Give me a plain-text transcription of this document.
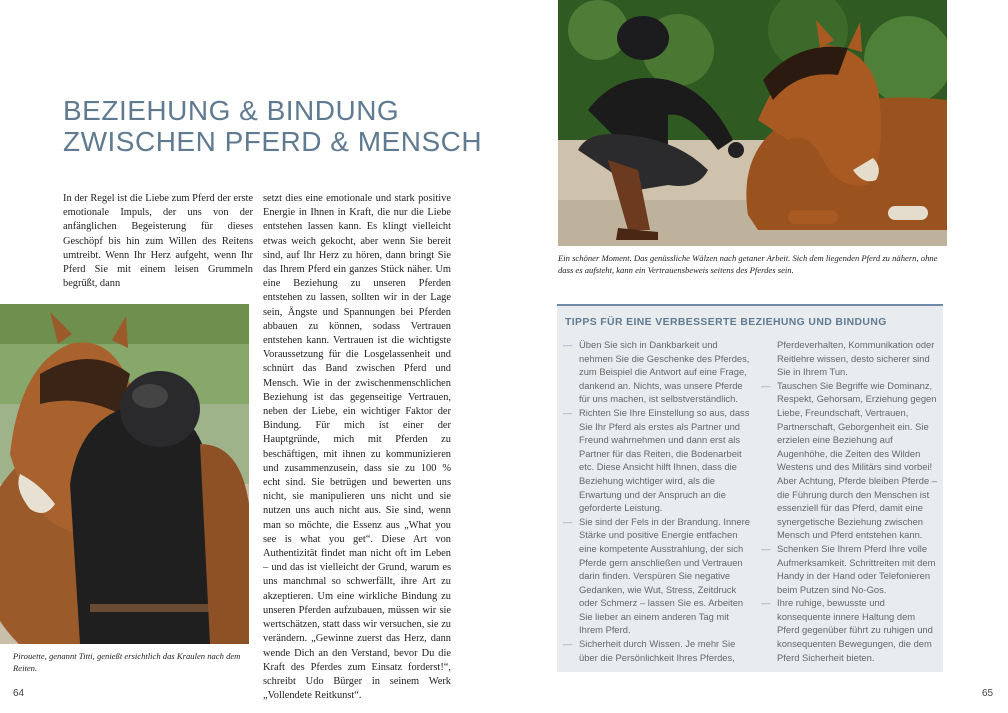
BEZIEHUNG & BINDUNG
ZWISCHEN PFERD & MENSCH
In der Regel ist die Liebe zum Pferd der erste emotionale Impuls, der uns von der anfänglichen Begeisterung für dieses Geschöpf bis hin zum Willen des Reitens umtreibt. Wenn Ihr Herz aufgeht, wenn Ihr Pferd Sie mit einem leisen Grummeln begrüßt, dann
setzt dies eine emotionale und stark positive Energie in Ihnen in Kraft, die nur die Liebe entstehen lassen kann. Es klingt vielleicht etwas weich gekocht, aber wenn Sie bereit sind, auf Ihr Herz zu hören, dann bringt Sie das Ihrem Pferd ein ganzes Stück näher. Um eine Beziehung zu unseren Pferden entstehen zu lassen, sollten wir in der Lage sein, Ängste und Spannungen bei Pferden abbauen zu können, sodass Vertrauen entstehen kann. Vertrauen ist die wichtigste Voraussetzung für die Losgelassenheit und schnürt das Band zwischen Pferd und Mensch. Wie in der zwischenmenschlichen Beziehung ist das gegenseitige Vertrauen, neben der Liebe, ein wichtiger Faktor der Bindung. Für mich ist einer der Hauptgründe, mich mit Pferden zu beschäftigen, mit ihnen zu kommunizieren und zusammenzusein, dass sie zu 100 % echt sind. Sie betrügen und bewerten uns nicht, sie manipulieren uns nicht und sie nutzen uns auch nicht aus. Sie sind, wenn man so möchte, die Essenz aus „What you see is what you get“. Diese Art von Authentizität findet man nicht oft im Leben – und das ist vielleicht der Grund, warum es uns manchmal so schwerfällt, ihre Art zu akzeptieren. Um eine wirkliche Bindung zu unseren Pferden aufzubauen, müssen wir sie wertschätzen, statt dass wir versuchen, sie zu verändern. „Gewinne zuerst das Herz, dann wende Dich an den Verstand, bevor Du die Kraft des Pferdes zum Einsatz forderst!“, schreibt Udo Bürger in seinem Werk „Vollendete Reitkunst“.
Pirouette, genannt Titti, genießt ersichtlich das Kraulen nach dem Reiten.
64
Ein schöner Moment. Das genüssliche Wälzen nach getaner Arbeit. Sich dem liegenden Pferd zu nähern, ohne dass es aufsteht, kann ein Vertrauensbeweis seitens des Pferdes sein.
TIPPS FÜR EINE VERBESSERTE BEZIEHUNG UND BINDUNG
— Üben Sie sich in Dankbarkeit und nehmen Sie die Geschenke des Pferdes, zum Beispiel die Antwort auf eine Frage, dankend an. Nichts, was unsere Pferde für uns machen, ist selbstverständlich.
— Richten Sie Ihre Einstellung so aus, dass Sie Ihr Pferd als erstes als Partner und Freund wahrnehmen und dann erst als Partner für das Reiten, die Bodenarbeit etc. Diese Ansicht hilft Ihnen, dass die Beziehung wichtiger wird, als die Erwartung und der Anspruch an die geforderte Leistung.
— Sie sind der Fels in der Brandung. Innere Stärke und positive Energie entfachen eine kompetente Ausstrahlung, der sich Pferde gern anschließen und Vertrauen darin finden. Verspüren Sie negative Gedanken, wie Wut, Stress, Zeitdruck oder Schmerz – lassen Sie es. Arbeiten Sie lieber an einem anderen Tag mit Ihrem Pferd.
— Sicherheit durch Wissen. Je mehr Sie über die Persönlichkeit Ihres Pferdes,
Pferdeverhalten, Kommunikation oder Reitlehre wissen, desto sicherer sind Sie in Ihrem Tun.
— Tauschen Sie Begriffe wie Dominanz, Respekt, Gehorsam, Erziehung gegen Liebe, Freundschaft, Vertrauen, Partnerschaft, Geborgenheit ein. Sie erzielen eine Beziehung auf Augenhöhe, die Zeiten des Wilden Westens und des Militärs sind vorbei! Aber Achtung, Pferde bleiben Pferde – die Führung durch den Menschen ist essenziell für das Pferd, damit eine synergetische Beziehung zwischen Mensch und Pferd entstehen kann.
— Schenken Sie Ihrem Pferd Ihre volle Aufmerksamkeit. Schrittreiten mit dem Handy in der Hand oder Telefonieren beim Putzen sind No-Gos.
— Ihre ruhige, bewusste und konsequente innere Haltung dem Pferd gegenüber führt zu ruhigen und konsequenten Bewegungen, die dem Pferd Sicherheit bieten.
65
